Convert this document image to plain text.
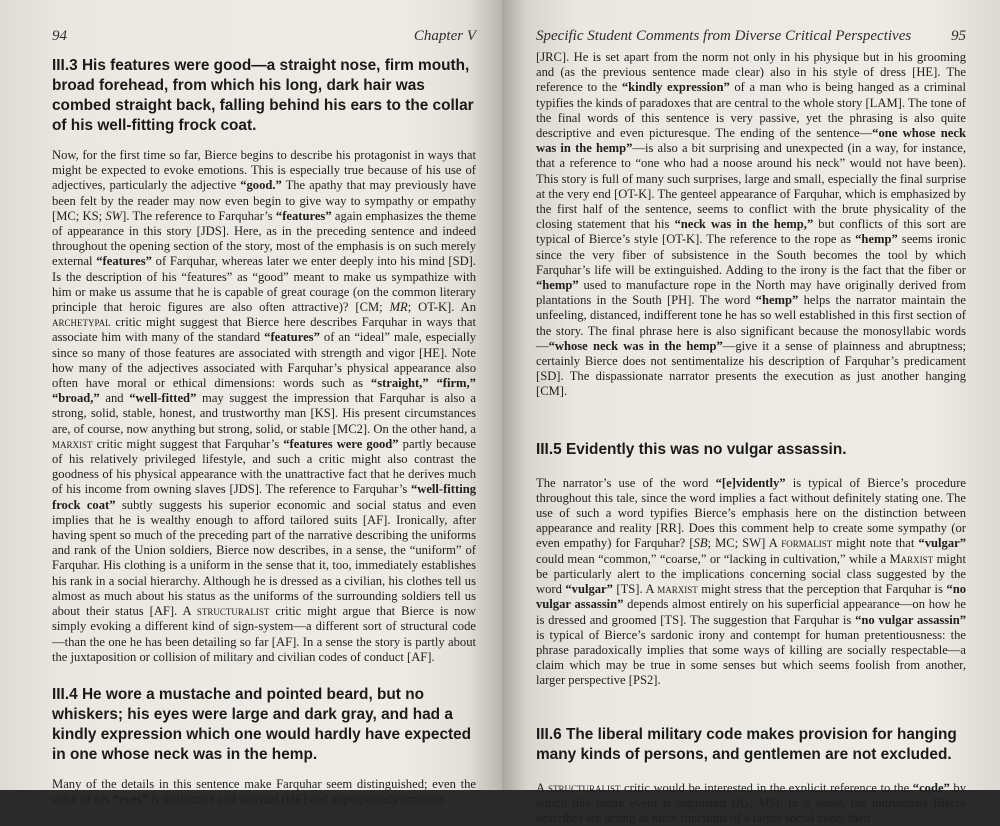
94	Chapter V
III.3 His features were good—a straight nose, firm mouth, broad forehead, from which his long, dark hair was combed straight back, falling behind his ears to the collar of his well-fitting frock coat.

Now, for the first time so far, Bierce begins to describe his protagonist in ways that might be expected to evoke emotions. This is especially true because of his use of adjectives, particularly the adjective “good.” The apathy that may previously have been felt by the reader may now even begin to give way to sympathy or empathy [MC; KS; SW]. The reference to Farquhar’s “features” again emphasizes the theme of appearance in this story [JDS]. Here, as in the preceding sentence and indeed throughout the opening section of the story, most of the emphasis is on such merely external “features” of Farquhar, whereas later we enter deeply into his mind [SD]. Is the description of his “features” as “good” meant to make us sympathize with him or make us assume that he is capable of great courage (on the common literary principle that heroic figures are also often attractive)? [CM; MR; OT-K]. An archetypal critic might suggest that Bierce here describes Farquhar in ways that associate him with many of the standard “features” of an “ideal” male, especially since so many of those features are associated with strength and vigor [HE]. Note how many of the adjectives associated with Farquhar’s physical appearance also often have moral or ethical dimensions: words such as “straight,” “firm,” “broad,” and “well-fitted” may suggest the impression that Farquhar is also a strong, solid, stable, honest, and trustworthy man [KS]. His present circumstances are, of course, now anything but strong, solid, or stable [MC2]. On the other hand, a marxist critic might suggest that Farquhar’s “features were good” partly because of his relatively privileged lifestyle, and such a critic might also contrast the goodness of his physical appearance with the unattractive fact that he derives much of his income from owning slaves [JDS]. The reference to Farquhar’s “well-fitting frock coat” subtly suggests his superior economic and social status and even implies that he is wealthy enough to afford tailored suits [AF]. Ironically, after having spent so much of the preceding part of the narrative describing the uniforms and rank of the Union soldiers, Bierce now describes, in a sense, the “uniform” of Farquhar. His clothing is a uniform in the sense that it, too, immediately establishes his rank in a social hierarchy. Although he is dressed as a civilian, his clothes tell us almost as much about his status as the uniforms of the surrounding soldiers tell us about their status [AF]. A structuralist critic might argue that Bierce is now simply evoking a different kind of sign-system—a different sort of structural code—than the one he has been detailing so far [AF]. In a sense the story is partly about the juxtaposition or collision of military and civilian codes of conduct [AF].

III.4 He wore a mustache and pointed beard, but no whiskers; his eyes were large and dark gray, and had a kindly expression which one would hardly have expected in one whose neck was in the hemp.

Many of the details in this sentence make Farquhar seem distinguished; even the color of his “eyes” is distinctive and unusual [HE] and appropriately ominous

Specific Student Comments from Diverse Critical Perspectives	95

[JRC]. He is set apart from the norm not only in his physique but in his grooming and (as the previous sentence made clear) also in his style of dress [HE]. The reference to the “kindly expression” of a man who is being hanged as a criminal typifies the kinds of paradoxes that are central to the whole story [LAM]. The tone of the final words of this sentence is very passive, yet the phrasing is also quite descriptive and even picturesque. The ending of the sentence—“one whose neck was in the hemp”—is also a bit surprising and unexpected (in a way, for instance, that a reference to “one who had a noose around his neck” would not have been). This story is full of many such surprises, large and small, especially the final surprise at the very end [OT-K]. The genteel appearance of Farquhar, which is emphasized by the first half of the sentence, seems to conflict with the brute physicality of the closing statement that his “neck was in the hemp,” but conflicts of this sort are typical of Bierce’s style [OT-K]. The reference to the rope as “hemp” seems ironic since the very fiber of subsistence in the South becomes the tool by which Farquhar’s life will be extinguished. Adding to the irony is the fact that the fiber or “hemp” used to manufacture rope in the North may have originally derived from plantations in the South [PH]. The word “hemp” helps the narrator maintain the unfeeling, distanced, indifferent tone he has so well established in this first section of the story. The final phrase here is also significant because the monosyllabic words—“whose neck was in the hemp”—give it a sense of plainness and abruptness; certainly Bierce does not sentimentalize his description of Farquhar’s predicament [SD]. The dispassionate narrator presents the execution as just another hanging [CM].

III.5 Evidently this was no vulgar assassin.

The narrator’s use of the word “[e]vidently” is typical of Bierce’s procedure throughout this tale, since the word implies a fact without definitely stating one. The use of such a word typifies Bierce’s emphasis here on the distinction between appearance and reality [RR]. Does this comment help to create some sympathy (or even empathy) for Farquhar? [SB; MC; SW] A formalist might note that “vulgar” could mean “common,” “coarse,” or “lacking in cultivation,” while a Marxist might be particularly alert to the implications concerning social class suggested by the word “vulgar” [TS]. A marxist might stress that the perception that Farquhar is “no vulgar assassin” depends almost entirely on his superficial appearance—on how he is dressed and groomed [TS]. The suggestion that Farquhar is “no vulgar assassin” is typical of Bierce’s sardonic irony and contempt for human pretentiousness: the phrase paradoxically implies that some ways of killing are socially respectable—a claim which may be true in some senses but which seems foolish from another, larger perspective [PS2].

III.6 The liberal military code makes provision for hanging many kinds of persons, and gentlemen are not excluded.

A structuralist critic would be interested in the explicit reference to the “code” by which this entire event is organized [JG; MS]. In a sense, the individuals Bierce describes are acting as mere functions of a larger social code; their
